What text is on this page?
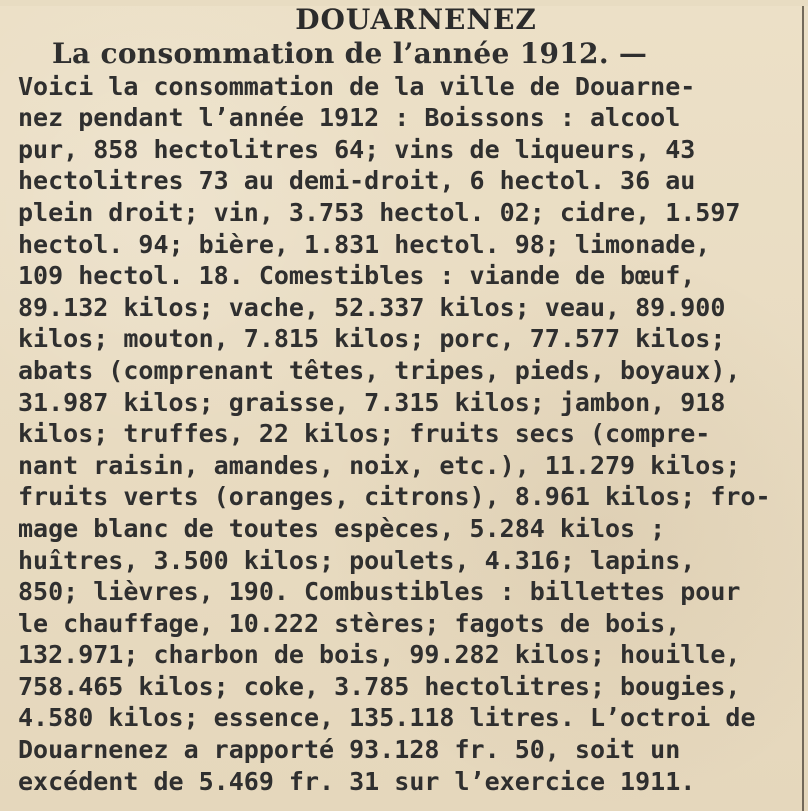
DOUARNENEZ
La consommation de l’année 1912. —
Voici la consommation de la ville de Douarne-
nez pendant l’année 1912 : Boissons : alcool
pur, 858 hectolitres 64; vins de liqueurs, 43
hectolitres 73 au demi-droit, 6 hectol. 36 au
plein droit; vin, 3.753 hectol. 02; cidre, 1.597
hectol. 94; bière, 1.831 hectol. 98; limonade,
109 hectol. 18. Comestibles : viande de bœuf,
89.132 kilos; vache, 52.337 kilos; veau, 89.900
kilos; mouton, 7.815 kilos; porc, 77.577 kilos;
abats (comprenant têtes, tripes, pieds, boyaux),
31.987 kilos; graisse, 7.315 kilos; jambon, 918
kilos; truffes, 22 kilos; fruits secs (compre-
nant raisin, amandes, noix, etc.), 11.279 kilos;
fruits verts (oranges, citrons), 8.961 kilos; fro-
mage blanc de toutes espèces, 5.284 kilos ;
huîtres, 3.500 kilos; poulets, 4.316; lapins,
850; lièvres, 190. Combustibles : billettes pour
le chauffage, 10.222 stères; fagots de bois,
132.971; charbon de bois, 99.282 kilos; houille,
758.465 kilos; coke, 3.785 hectolitres; bougies,
4.580 kilos; essence, 135.118 litres. L’octroi de
Douarnenez a rapporté 93.128 fr. 50, soit un
excédent de 5.469 fr. 31 sur l’exercice 1911.
